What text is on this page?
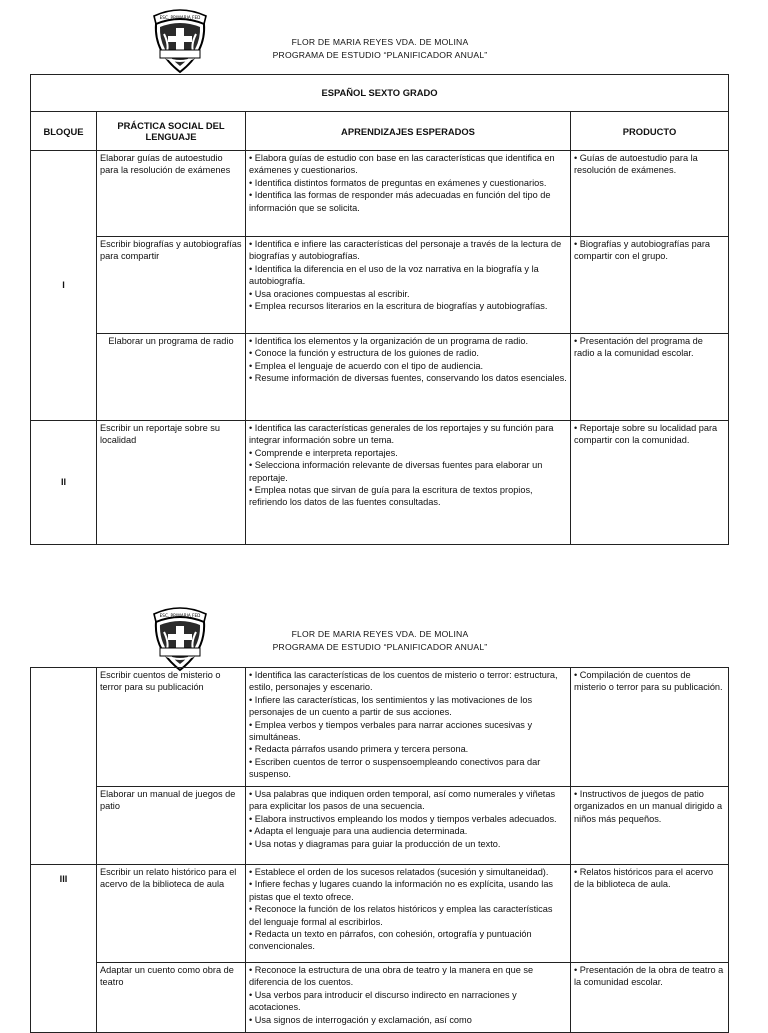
ESC. PRIMARIA FED
FLOR DE MARIA REYES VDA. DE MOLINA
PROGRAMA DE ESTUDIO “PLANIFICADOR ANUAL”
ESPAÑOL SEXTO GRADO			
BLOQUE	PRÁCTICA SOCIAL DEL LENGUAJE	APRENDIZAJES ESPERADOS	PRODUCTO
I	Elaborar guías de autoestudio para la resolución de exámenes	• Elabora guías de estudio con base en las características que identifica en exámenes y cuestionarios.
• Identifica distintos formatos de preguntas en exámenes y cuestionarios.
• Identifica las formas de responder más adecuadas en función del tipo de información que se solicita.	• Guías de autoestudio para la resolución de exámenes.
	Escribir biografías y autobiografías para compartir	• Identifica e infiere las características del personaje a través de la lectura de biografías y autobiografías.
• Identifica la diferencia en el uso de la voz narrativa en la biografía y la autobiografía.
• Usa oraciones compuestas al escribir.
• Emplea recursos literarios en la escritura de biografías y autobiografías.	• Biografías y autobiografías para compartir con el grupo.
	Elaborar un programa de radio	• Identifica los elementos y la organización de un programa de radio.
• Conoce la función y estructura de los guiones de radio.
• Emplea el lenguaje de acuerdo con el tipo de audiencia.
• Resume información de diversas fuentes, conservando los datos esenciales.	• Presentación del programa de radio a la comunidad escolar.
II	Escribir un reportaje sobre su localidad	• Identifica las características generales de los reportajes y su función para integrar información sobre un tema.
• Comprende e interpreta reportajes.
• Selecciona información relevante de diversas fuentes para elaborar un reportaje.
• Emplea notas que sirvan de guía para la escritura de textos propios, refiriendo los datos de las fuentes consultadas.	• Reportaje sobre su localidad para compartir con la comunidad.
ESC. PRIMARIA FED
FLOR DE MARIA REYES VDA. DE MOLINA
PROGRAMA DE ESTUDIO “PLANIFICADOR ANUAL”
	Escribir cuentos de misterio o terror para su publicación	• Identifica las características de los cuentos de misterio o terror: estructura, estilo, personajes y escenario.
• Infiere las características, los sentimientos y las motivaciones de los personajes de un cuento a partir de sus acciones.
• Emplea verbos y tiempos verbales para narrar acciones sucesivas y simultáneas.
• Redacta párrafos usando primera y tercera persona.
• Escriben cuentos de terror o suspensoempleando conectivos para dar suspenso.	• Compilación de cuentos de misterio o terror para su publicación.
	Elaborar un manual de juegos de patio	• Usa palabras que indiquen orden temporal, así como numerales y viñetas para explicitar los pasos de una secuencia.
• Elabora instructivos empleando los modos y tiempos verbales adecuados.
• Adapta el lenguaje para una audiencia determinada.
• Usa notas y diagramas para guiar la producción de un texto.	• Instructivos de juegos de patio
organizados en un manual dirigido a niños más pequeños.

III	Escribir un relato histórico para el acervo de la biblioteca de aula	• Establece el orden de los sucesos relatados (sucesión y simultaneidad).
• Infiere fechas y lugares cuando la información no es explícita, usando las pistas que el texto ofrece.
• Reconoce la función de los relatos históricos y emplea las características del lenguaje formal al escribirlos.
• Redacta un texto en párrafos, con cohesión, ortografía y puntuación convencionales.	• Relatos históricos para el acervo de la biblioteca de aula.
	Adaptar un cuento como obra de teatro	• Reconoce la estructura de una obra de teatro y la manera en que se diferencia de los cuentos.
• Usa verbos para introducir el discurso indirecto en narraciones y acotaciones.
• Usa signos de interrogación y exclamación, así como	• Presentación de la obra de teatro a la comunidad escolar.
